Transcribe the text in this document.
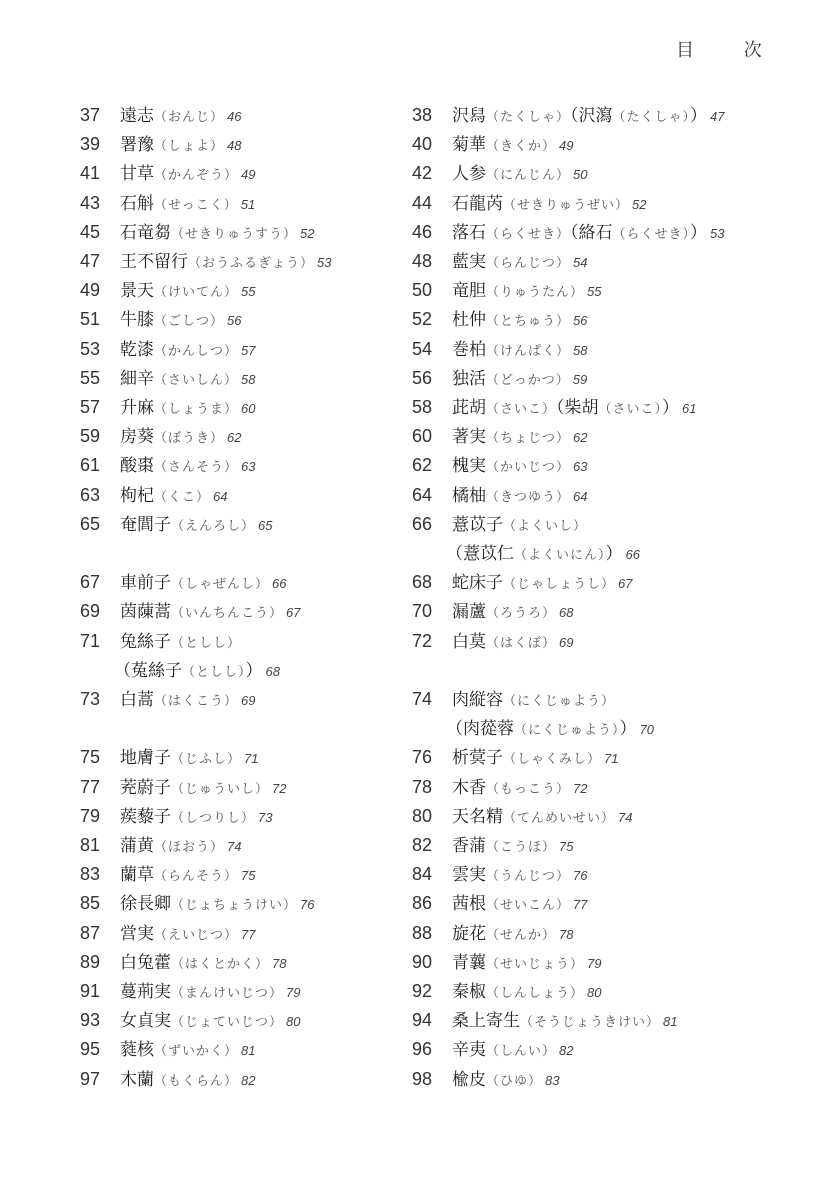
目 次
37	遠志（おんじ） 46
39	署豫（しょよ） 48
41	甘草（かんぞう） 49
43	石斛（せっこく） 51
45	石竜芻（せきりゅうすう） 52
47	王不留行（おうふるぎょう） 53
49	景天（けいてん） 55
51	牛膝（ごしつ） 56
53	乾漆（かんしつ） 57
55	細辛（さいしん） 58
57	升麻（しょうま） 60
59	房葵（ぼうき） 62
61	酸棗（さんそう） 63
63	枸杞（くこ） 64
65	奄閭子（えんろし） 65
67	車前子（しゃぜんし） 66
69	茵蔯蒿（いんちんこう） 67
71	兔絲子（としし）
（菟絲子（としし）） 68
73	白蒿（はくこう） 69
75	地膚子（じふし） 71
77	茺蔚子（じゅういし） 72
79	蒺藜子（しつりし） 73
81	蒲黄（ほおう） 74
83	蘭草（らんそう） 75
85	徐長卿（じょちょうけい） 76
87	営実（えいじつ） 77
89	白兔藿（はくとかく） 78
91	蔓荊実（まんけいじつ） 79
93	女貞実（じょていじつ） 80
95	蕤核（ずいかく） 81
97	木蘭（もくらん） 82
38	沢舄（たくしゃ）（沢瀉（たくしゃ）） 47
40	菊華（きくか） 49
42	人参（にんじん） 50
44	石龍芮（せきりゅうぜい） 52
46	落石（らくせき）（絡石（らくせき）） 53
48	藍実（らんじつ） 54
50	竜胆（りゅうたん） 55
52	杜仲（とちゅう） 56
54	巻柏（けんぱく） 58
56	独活（どっかつ） 59
58	茈胡（さいこ）（柴胡（さいこ）） 61
60	著実（ちょじつ） 62
62	槐実（かいじつ） 63
64	橘柚（きつゆう） 64
66	薏苡子（よくいし）
（薏苡仁（よくいにん）） 66
68	蛇床子（じゃしょうし） 67
70	漏蘆（ろうろ） 68
72	白莫（はくぼ） 69
74	肉縦容（にくじゅよう）
（肉蓯蓉（にくじゅよう）） 70
76	析蓂子（しゃくみし） 71
78	木香（もっこう） 72
80	天名精（てんめいせい） 74
82	香蒲（こうほ） 75
84	雲実（うんじつ） 76
86	茜根（せいこん） 77
88	旋花（せんか） 78
90	青蘘（せいじょう） 79
92	秦椒（しんしょう） 80
94	桑上寄生（そうじょうきけい） 81
96	辛夷（しんい） 82
98	楡皮（ひゆ） 83
